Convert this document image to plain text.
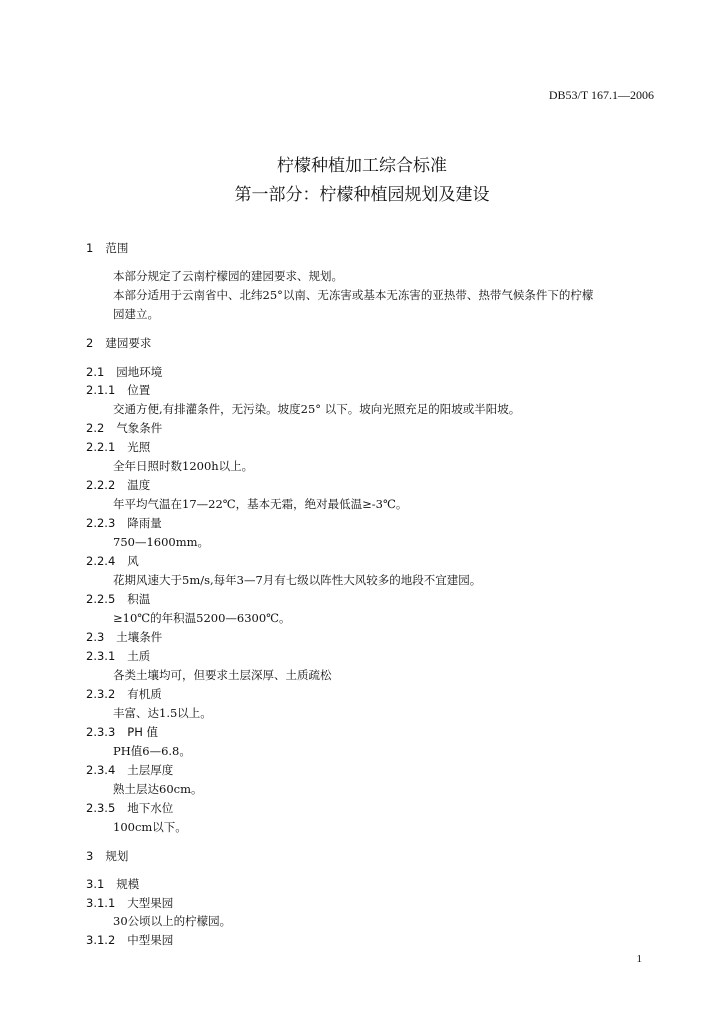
DB53/T 167.1—2006
柠檬种植加工综合标准
第一部分：柠檬种植园规划及建设
1 范围
本部分规定了云南柠檬园的建园要求、规划。
本部分适用于云南省中、北纬25°以南、无冻害或基本无冻害的亚热带、热带气候条件下的柠檬
园建立。
2 建园要求
2.1 园地环境
2.1.1 位置
交通方便,有排灌条件，无污染。坡度25° 以下。坡向光照充足的阳坡或半阳坡。
2.2 气象条件
2.2.1 光照
全年日照时数1200h以上。
2.2.2 温度
年平均气温在17—22℃，基本无霜，绝对最低温≥-3℃。
2.2.3 降雨量
750—1600mm。
2.2.4 风
花期风速大于5m/s,每年3—7月有七级以阵性大风较多的地段不宜建园。
2.2.5 积温
≥10℃的年积温5200—6300℃。
2.3 土壤条件
2.3.1 土质
各类土壤均可，但要求土层深厚、土质疏松
2.3.2 有机质
丰富、达1.5以上。
2.3.3 PH 值
PH值6—6.8。
2.3.4 土层厚度
熟土层达60cm。
2.3.5 地下水位
100cm以下。
3 规划
3.1 规模
3.1.1 大型果园
30公顷以上的柠檬园。
3.1.2 中型果园
1
